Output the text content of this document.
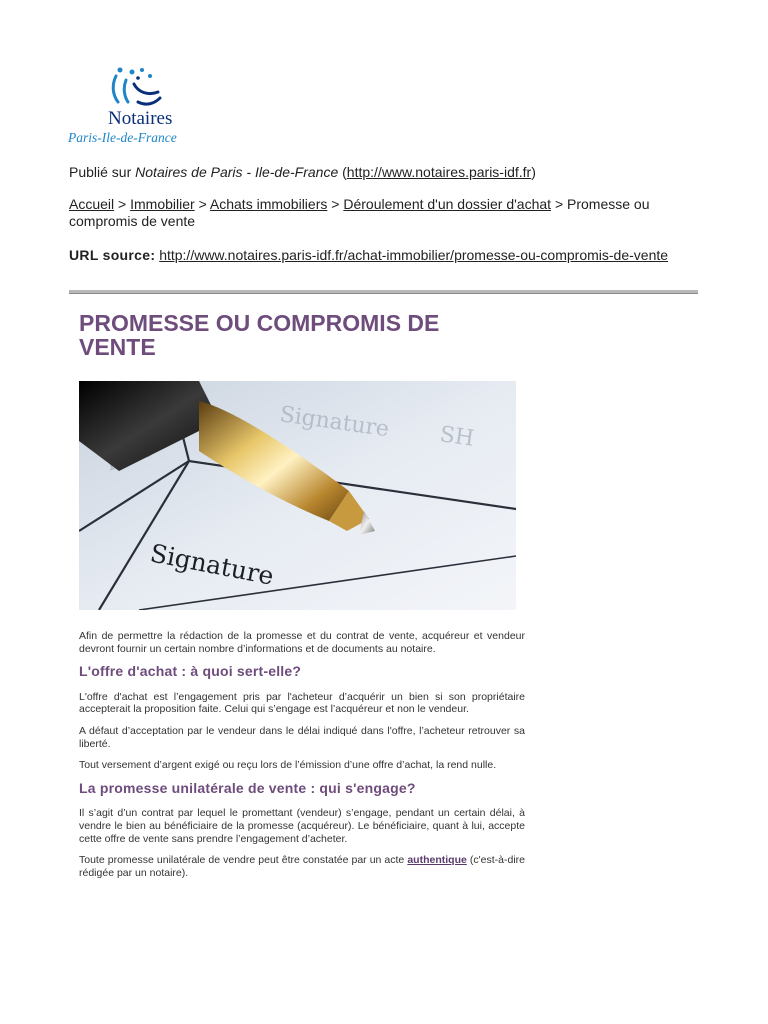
Notaires
Paris-Ile-de-France
Publié sur Notaires de Paris - Ile-de-France (http://www.notaires.paris-idf.fr)
Accueil > Immobilier > Achats immobiliers > Déroulement d'un dossier d'achat > Promesse ou compromis de vente
URL source: http://www.notaires.paris-idf.fr/achat-immobilier/promesse-ou-compromis-de-vente
PROMESSE OU COMPROMIS DE VENTE
Signature SH
Signature

Afin de permettre la rédaction de la promesse et du contrat de vente, acquéreur et vendeur devront fournir un certain nombre d’informations et de documents au notaire.

L'offre d'achat : à quoi sert-elle?

L'offre d'achat est l’engagement pris par l'acheteur d’acquérir un bien si son propriétaire accepterait la proposition faite. Celui qui s’engage est l’acquéreur et non le vendeur.

A défaut d’acceptation par le vendeur dans le délai indiqué dans l'offre, l’acheteur retrouver sa liberté.

Tout versement d’argent exigé ou reçu lors de l’émission d’une offre d’achat, la rend nulle.

La promesse unilatérale de vente : qui s'engage?

Il s’agit d’un contrat par lequel le promettant (vendeur) s’engage, pendant un certain délai, à vendre le bien au bénéficiaire de la promesse (acquéreur). Le bénéficiaire, quant à lui, accepte cette offre de vente sans prendre l’engagement d’acheter.

Toute promesse unilatérale de vendre peut être constatée par un acte authentique (c'est-à-dire rédigée par un notaire).
